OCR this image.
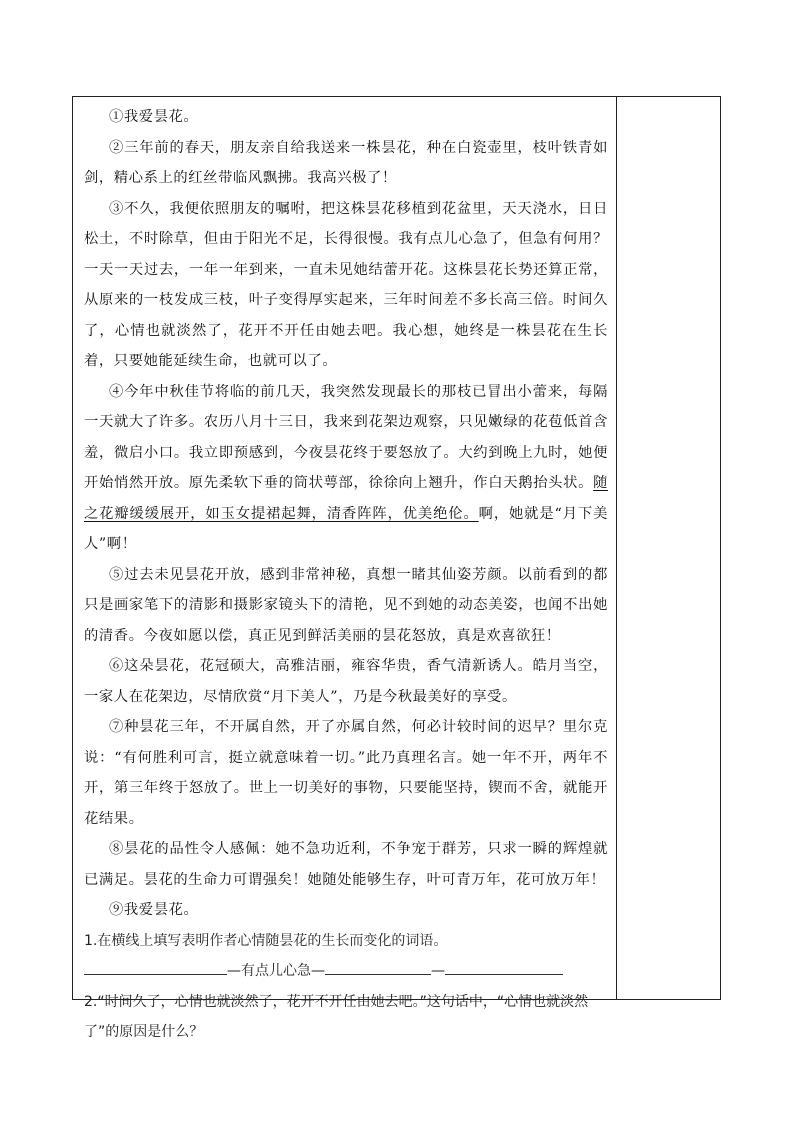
①我爱昙花。

②三年前的春天，朋友亲自给我送来一株昙花，种在白瓷壶里，枝叶铁青如剑，精心系上的红丝带临风飘拂。我高兴极了！

③不久，我便依照朋友的嘱咐，把这株昙花移植到花盆里，天天浇水，日日松土，不时除草，但由于阳光不足，长得很慢。我有点儿心急了，但急有何用？一天一天过去，一年一年到来，一直未见她结蕾开花。这株昙花长势还算正常，从原来的一枝发成三枝，叶子变得厚实起来，三年时间差不多长高三倍。时间久了，心情也就淡然了，花开不开任由她去吧。我心想，她终是一株昙花在生长着，只要她能延续生命，也就可以了。

④今年中秋佳节将临的前几天，我突然发现最长的那枝已冒出小蕾来，每隔一天就大了许多。农历八月十三日，我来到花架边观察，只见嫩绿的花苞低首含羞，微启小口。我立即预感到，今夜昙花终于要怒放了。大约到晚上九时，她便开始悄然开放。原先柔软下垂的筒状萼部，徐徐向上翘升，作白天鹅抬头状。随之花瓣缓缓展开，如玉女提裙起舞，清香阵阵，优美绝伦。啊，她就是“月下美人”啊！

⑤过去未见昙花开放，感到非常神秘，真想一睹其仙姿芳颜。以前看到的都只是画家笔下的清影和摄影家镜头下的清艳，见不到她的动态美姿，也闻不出她的清香。今夜如愿以偿，真正见到鲜活美丽的昙花怒放，真是欢喜欲狂！

⑥这朵昙花，花冠硕大，高雅洁丽，雍容华贵，香气清新诱人。皓月当空，一家人在花架边，尽情欣赏“月下美人”，乃是今秋最美好的享受。

⑦种昙花三年，不开属自然，开了亦属自然，何必计较时间的迟早？里尔克说：“有何胜利可言，挺立就意味着一切。”此乃真理名言。她一年不开，两年不开，第三年终于怒放了。世上一切美好的事物，只要能坚持，锲而不舍，就能开花结果。

⑧昙花的品性令人感佩：她不急功近利，不争宠于群芳，只求一瞬的辉煌就已满足。昙花的生命力可谓强矣！她随处能够生存，叶可青万年，花可放万年！

⑨我爱昙花。

1.在横线上填写表明作者心情随昙花的生长而变化的词语。

—有点儿心急—	—

2.“时间久了，心情也就淡然了，花开不开任由她去吧。”这句话中，“心情也就淡然了”的原因是什么？
